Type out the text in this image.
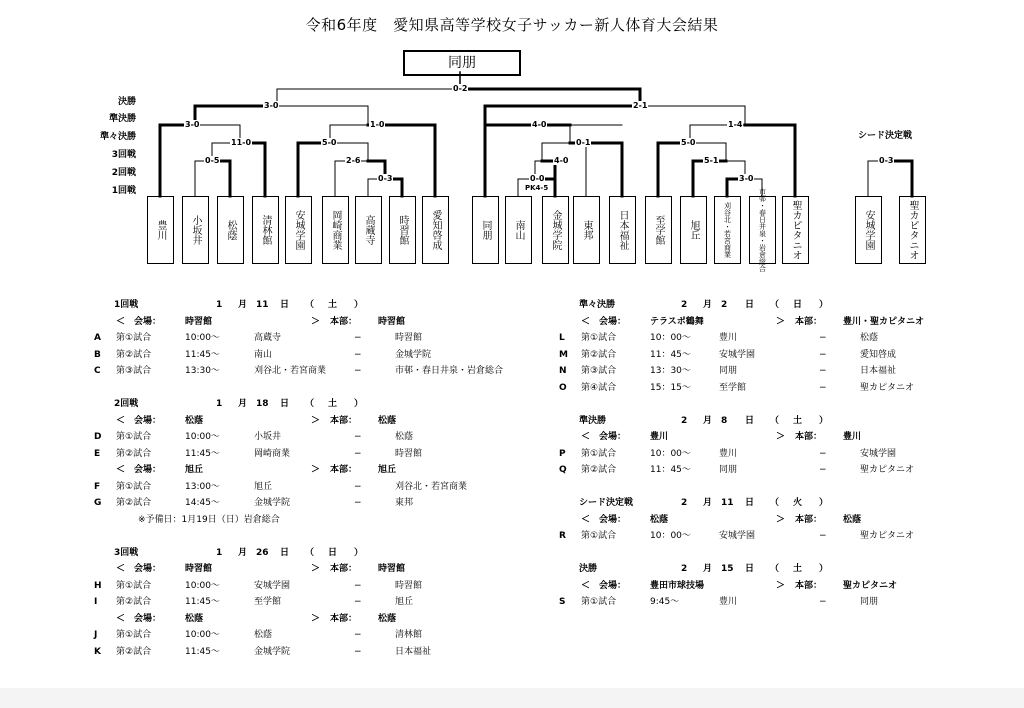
令和6年度　愛知県高等学校女子サッカー新人体育大会結果
決勝
準決勝
準々決勝
3回戦
2回戦
1回戦
シード決定戦
同朋
0-2
3-0	2-1
3-0	1-0	4-0	1-4
11-0	5-0	0-1	5-0
0-5	2-6	4-0	5-1
0-3	0-0
PK4-5
3-0
0-3
豊川 小坂井 松蔭 清林館 安城学園	岡崎商業 高蔵寺 時習館 愛知啓成	同朋 南山	金城学院 東邦	日本福祉	至学館 旭丘	刈谷北・若宮商業	市邨・春日井泉・岩倉総合 聖カピタニオ	安城学園	聖カピタニオ
1回戦	1 月 11 日 （ 土 ）
＜ 会場：	時習館	＞ 本部： 時習館
A 第①試合	10:00〜	高蔵寺	−	時習館
B 第②試合	11:45〜	南山	−	金城学院
C 第③試合	13:30〜	刈谷北・若宮商業	−	市邨・春日井泉・岩倉総合
2回戦	1 月 18 日 （ 土 ）
＜ 会場：	松蔭	＞ 本部： 松蔭
D 第①試合	10:00〜	小坂井	−	松蔭
E 第②試合	11:45〜	岡崎商業	−	時習館
＜ 会場：	旭丘	＞ 本部： 旭丘
F 第①試合	13:00〜	旭丘	−	刈谷北・若宮商業
G 第②試合	14:45〜	金城学院	−	東邦
※予備日：1月19日（日）岩倉総合
3回戦	1 月 26 日 （ 日 ）
＜ 会場：	時習館	＞ 本部： 時習館
H 第①試合	10:00〜	安城学園	−	時習館
I 第②試合	11:45〜	至学館	−	旭丘
＜ 会場：	松蔭	＞ 本部： 松蔭
J 第①試合	10:00〜	松蔭	−	清林館
K 第②試合	11:45〜	金城学院	−	日本福祉
準々決勝	2 月 2 日 （ 日 ）
＜ 会場：	テラスポ鶴舞	＞ 本部： 豊川・聖カピタニオ
L 第①試合	10：00〜	豊川	−	松蔭
M 第②試合	11：45〜	安城学園	−	愛知啓成
N 第③試合	13：30〜	同朋	−	日本福祉
O 第④試合	15：15〜	至学館	−	聖カピタニオ
準決勝	2 月 8 日 （ 土 ）
＜ 会場：	豊川	＞ 本部： 豊川
P 第①試合	10：00〜	豊川	−	安城学園
Q 第②試合	11：45〜	同朋	−	聖カピタニオ
シード決定戦	2 月 11 日 （ 火 ）
＜ 会場：	松蔭	＞ 本部： 松蔭
R 第①試合	10：00〜	安城学園	−	聖カピタニオ
決勝	2 月 15 日 （ 土 ）
＜ 会場：	豊田市球技場	＞ 本部： 聖カピタニオ
S 第①試合	9:45〜	豊川	−	同朋
